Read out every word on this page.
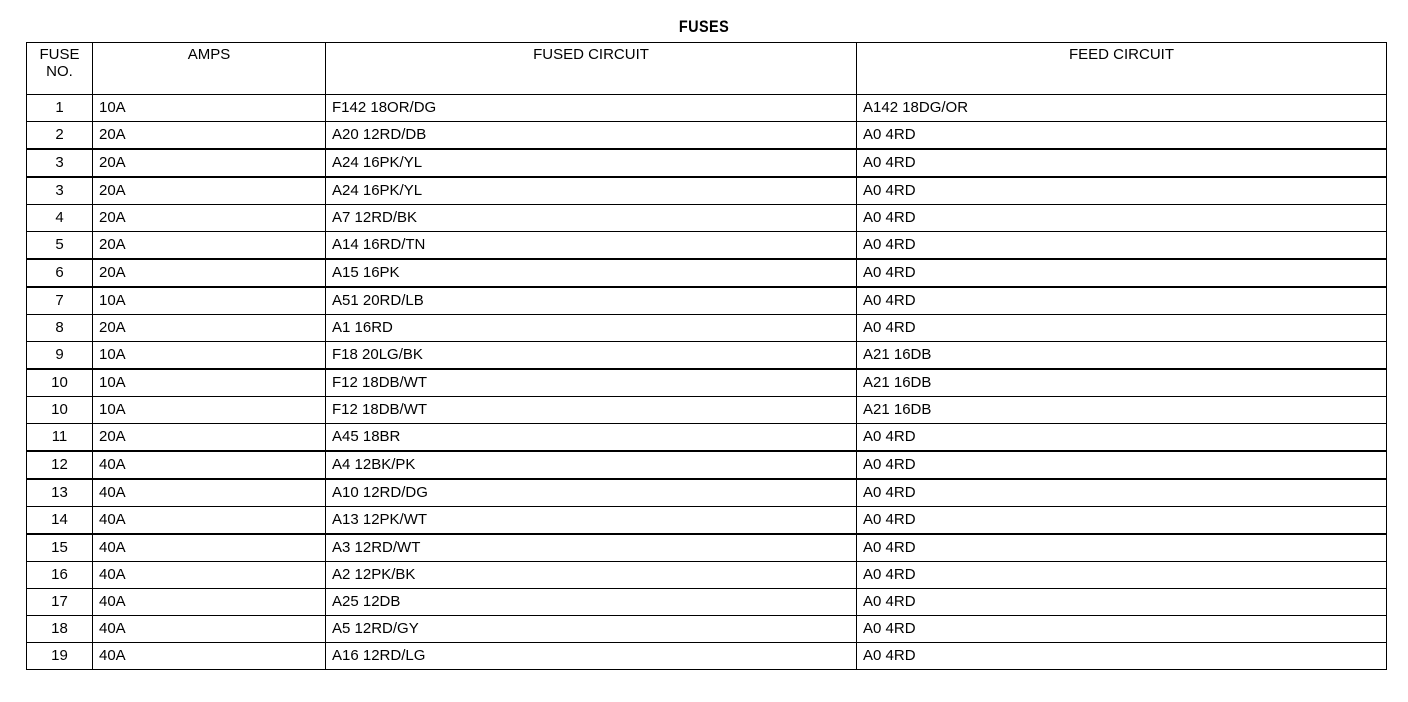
FUSES
FUSE NO.	AMPS	FUSED CIRCUIT	FEED CIRCUIT
1	10A	F142 18OR/DG	A142 18DG/OR
2	20A	A20 12RD/DB	A0 4RD
3	20A	A24 16PK/YL	A0 4RD
3	20A	A24 16PK/YL	A0 4RD
4	20A	A7 12RD/BK	A0 4RD
5	20A	A14 16RD/TN	A0 4RD
6	20A	A15 16PK	A0 4RD
7	10A	A51 20RD/LB	A0 4RD
8	20A	A1 16RD	A0 4RD
9	10A	F18 20LG/BK	A21 16DB
10	10A	F12 18DB/WT	A21 16DB
10	10A	F12 18DB/WT	A21 16DB
11	20A	A45 18BR	A0 4RD
12	40A	A4 12BK/PK	A0 4RD
13	40A	A10 12RD/DG	A0 4RD
14	40A	A13 12PK/WT	A0 4RD
15	40A	A3 12RD/WT	A0 4RD
16	40A	A2 12PK/BK	A0 4RD
17	40A	A25 12DB	A0 4RD
18	40A	A5 12RD/GY	A0 4RD
19	40A	A16 12RD/LG	A0 4RD
